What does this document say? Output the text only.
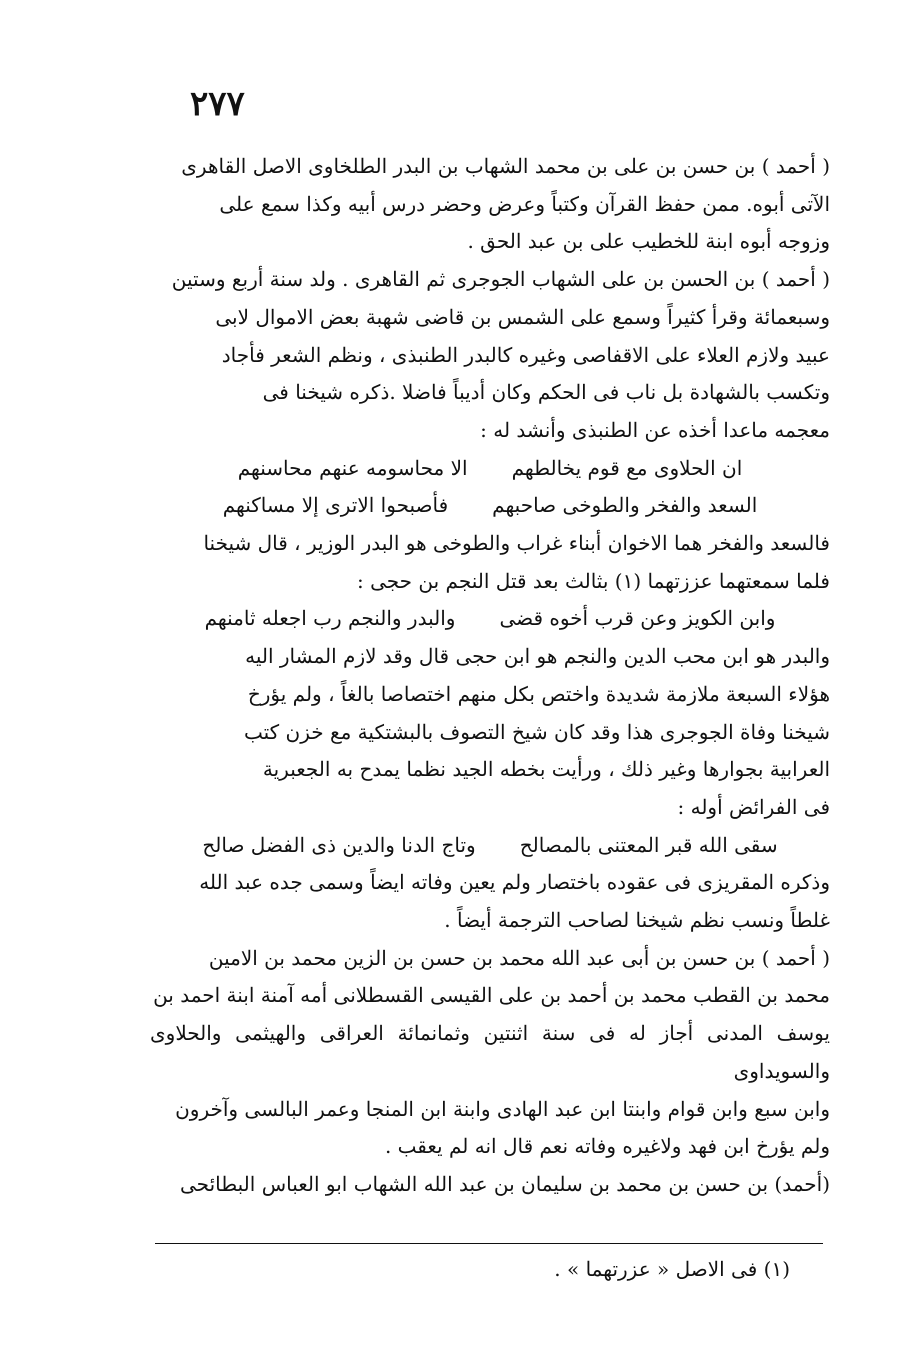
٢٧٧

( أحمد ) بن حسن بن على بن محمد الشهاب بن البدر الطلخاوى الاصل القاهرى

الآتى أبوه. ممن حفظ القرآن وكتباً وعرض وحضر درس أبيه وكذا سمع على

وزوجه أبوه ابنة للخطيب على بن عبد الحق .

( أحمد ) بن الحسن بن على الشهاب الجوجرى ثم القاهرى . ولد سنة أربع وستين

وسبعمائة وقرأ كثيراً وسمع على الشمس بن قاضى شهبة بعض الاموال لابى

عبيد ولازم العلاء على الاقفاصى وغيره كالبدر الطنبذى ، ونظم الشعر فأجاد

وتكسب بالشهادة بل ناب فى الحكم وكان أديباً فاضلا .ذكره شيخنا فى

معجمه ماعدا أخذه عن الطنبذى وأنشد له :

ان الحلاوى مع قوم يخالطهم
الا محاسومه عنهم محاسنهم
السعد والفخر والطوخى صاحبهم
فأصبحوا الاترى إلا مساكنهم

فالسعد والفخر هما الاخوان أبناء غراب والطوخى هو البدر الوزير ، قال شيخنا

فلما سمعتهما عززتهما (١) بثالث بعد قتل النجم بن حجى :

وابن الكويز وعن قرب أخوه قضى
والبدر والنجم رب اجعله ثامنهم

والبدر هو ابن محب الدين والنجم هو ابن حجى قال وقد لازم المشار اليه

هؤلاء السبعة ملازمة شديدة واختص بكل منهم اختصاصا بالغاً ، ولم يؤرخ

شيخنا وفاة الجوجرى هذا وقد كان شيخ التصوف بالبشتكية مع خزن كتب

العرابية بجوارها وغير ذلك ، ورأيت بخطه الجيد نظما يمدح به الجعبرية

فى الفرائض أوله :

سقى الله قبر المعتنى بالمصالح
وتاج الدنا والدين ذى الفضل صالح

وذكره المقريزى فى عقوده باختصار ولم يعين وفاته ايضاً وسمى جده عبد الله

غلطاً ونسب نظم شيخنا لصاحب الترجمة أيضاً .

( أحمد ) بن حسن بن أبى عبد الله محمد بن حسن بن الزين محمد بن الامين

محمد بن القطب محمد بن أحمد بن على القيسى القسطلانى أمه آمنة ابنة احمد بن

يوسف المدنى أجاز له فى سنة اثنتين وثمانمائة العراقى والهيثمى والحلاوى والسويداوى

وابن سبع وابن قوام وابنتا ابن عبد الهادى وابنة ابن المنجا وعمر البالسى وآخرون

ولم يؤرخ ابن فهد ولاغيره وفاته نعم قال انه لم يعقب .

(أحمد) بن حسن بن محمد بن سليمان بن عبد الله الشهاب ابو العباس البطائحى

(١) فى الاصل « عزرتهما » .
